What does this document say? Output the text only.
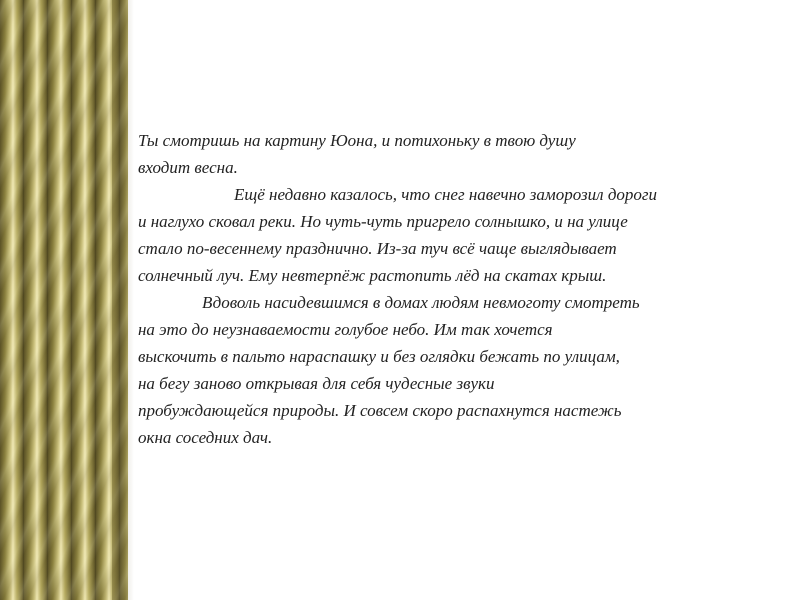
Ты смотришь на картину Юона, и потихоньку в твою душу
входит весна.
Ещё недавно казалось, что снег навечно заморозил дороги
и наглухо сковал реки. Но чуть-чуть пригрело солнышко, и на улице
стало по-весеннему празднично. Из-за туч всё чаще выглядывает
солнечный луч. Ему невтерпёж растопить лёд на скатах крыш.
Вдоволь насидевшимся в домах людям невмоготу смотреть
на это до неузнаваемости голубое небо. Им так хочется
выскочить в пальто нараспашку и без оглядки бежать по улицам,
на бегу заново открывая для себя чудесные звуки
пробуждающейся природы. И совсем скоро распахнутся настежь
окна соседних дач.
